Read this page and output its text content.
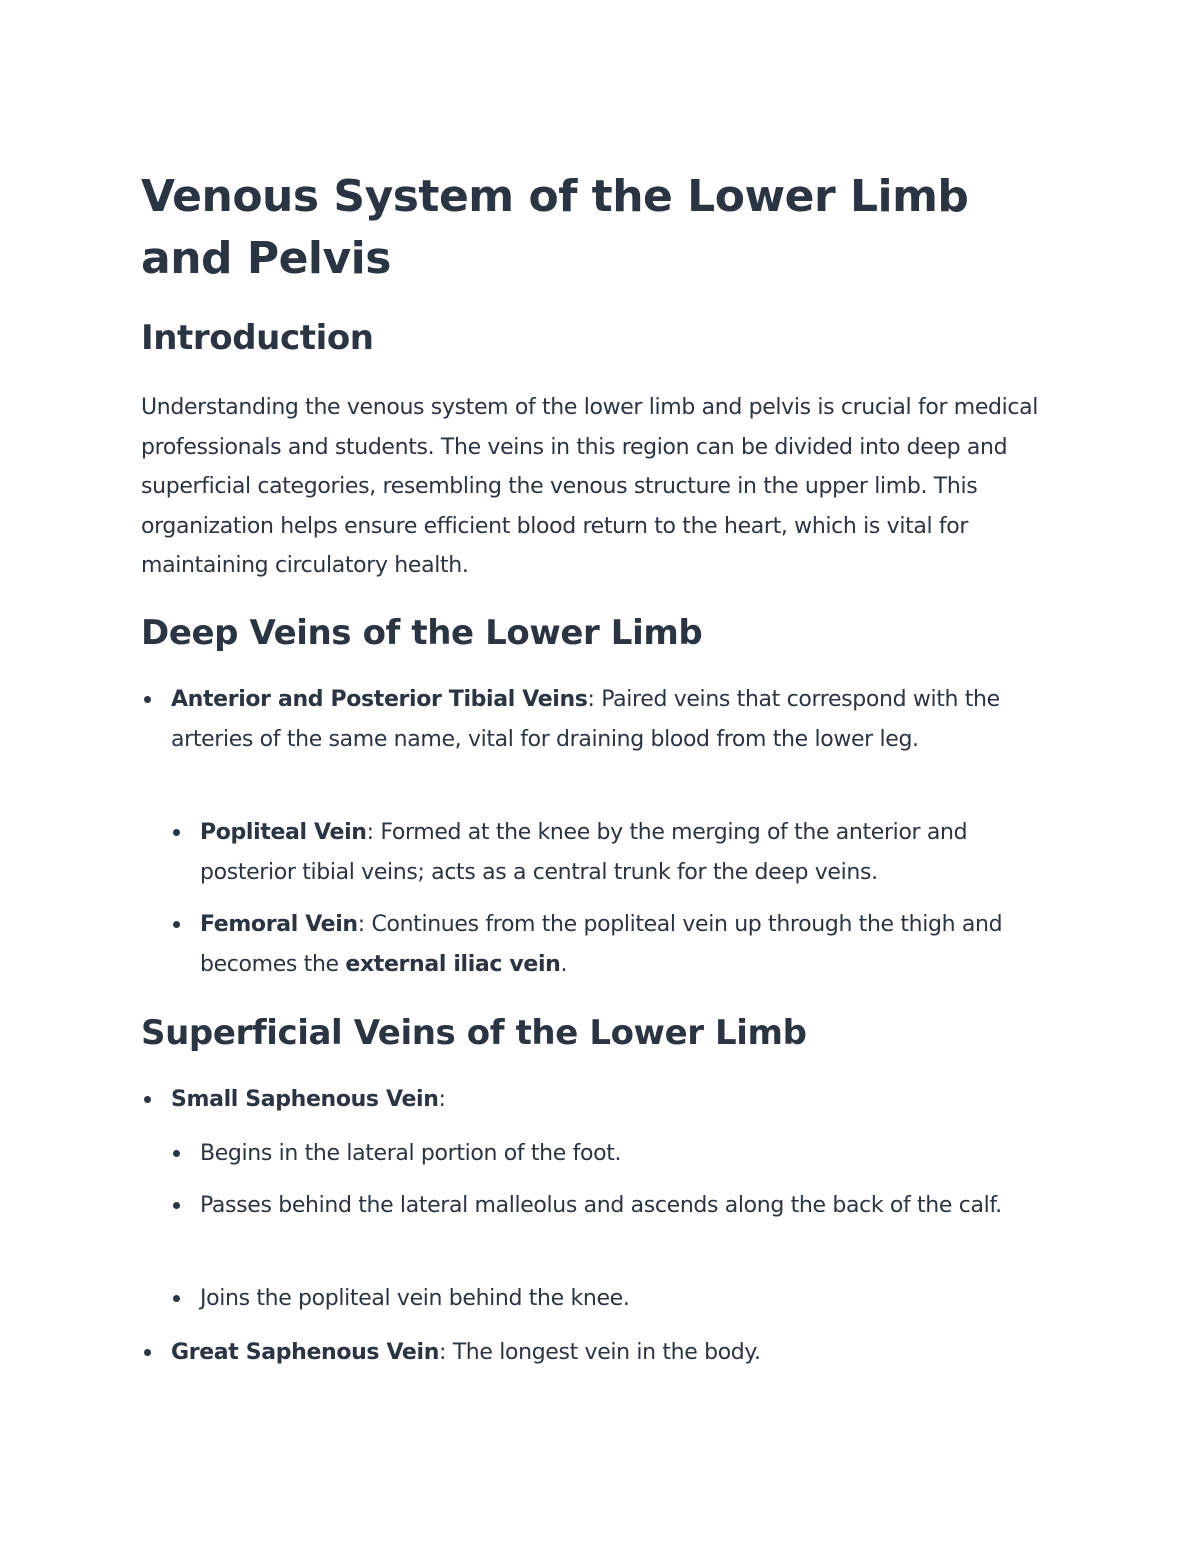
Venous System of the Lower Limb and Pelvis
Introduction

Understanding the venous system of the lower limb and pelvis is crucial for medical professionals and students. The veins in this region can be divided into deep and superficial categories, resembling the venous structure in the upper limb. This organization helps ensure efficient blood return to the heart, which is vital for maintaining circulatory health.

Deep Veins of the Lower Limb
Anterior and Posterior Tibial Veins: Paired veins that correspond with the arteries of the same name, vital for draining blood from the lower leg.
Popliteal Vein: Formed at the knee by the merging of the anterior and posterior tibial veins; acts as a central trunk for the deep veins.
Femoral Vein: Continues from the popliteal vein up through the thigh and becomes the external iliac vein.
Superficial Veins of the Lower Limb
Small Saphenous Vein:
Begins in the lateral portion of the foot.
Passes behind the lateral malleolus and ascends along the back of the calf.
Joins the popliteal vein behind the knee.
Great Saphenous Vein: The longest vein in the body.
